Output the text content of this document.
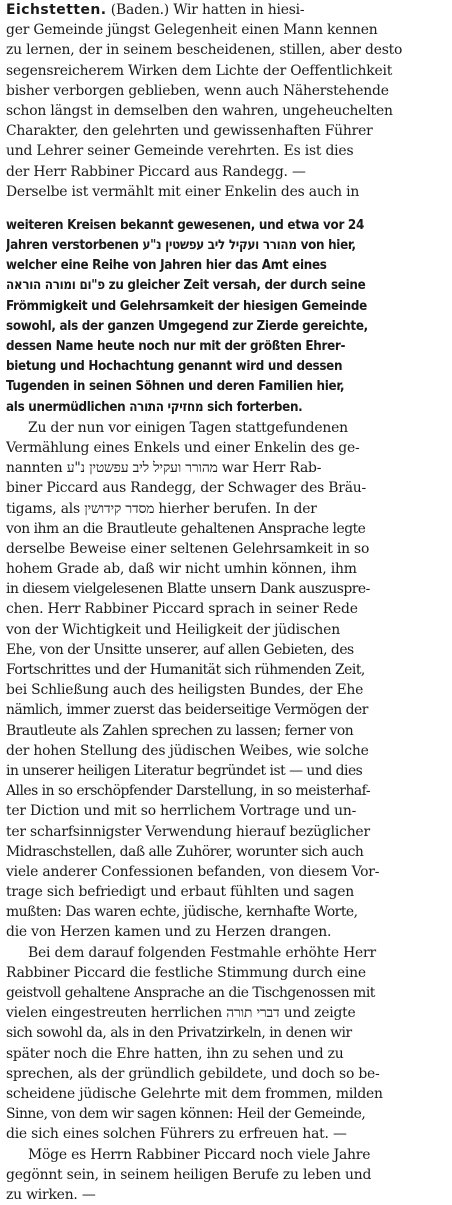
Eichstetten. (Baden.) Wir hatten in hiesi-
ger Gemeinde jüngst Gelegenheit einen Mann kennen
zu lernen, der in seinem bescheidenen, stillen, aber desto
segensreicherem Wirken dem Lichte der Oeffentlichkeit
bisher verborgen geblieben, wenn auch Näherstehende
schon längst in demselben den wahren, ungeheuchelten
Charakter, den gelehrten und gewissenhaften Führer
und Lehrer seiner Gemeinde verehrten. Es ist dies
der Herr Rabbiner Piccard aus Randegg. —
Derselbe ist vermählt mit einer Enkelin des auch in
weiteren Kreisen bekannt gewesenen, und etwa vor 24
Jahren verstorbenen מהורר ועקיל ליב עפשטין נ"ע von hier,
welcher eine Reihe von Jahren hier das Amt eines
פ"ום ומורה הוראה zu gleicher Zeit versah, der durch seine
Frömmigkeit und Gelehrsamkeit der hiesigen Gemeinde
sowohl, als der ganzen Umgegend zur Zierde gereichte,
dessen Name heute noch nur mit der größten Ehrer-
bietung und Hochachtung genannt wird und dessen
Tugenden in seinen Söhnen und deren Familien hier,
als unermüdlichen מחזיקי התורה sich forterben.
Zu der nun vor einigen Tagen stattgefundenen
Vermählung eines Enkels und einer Enkelin des ge-
nannten מהורר ועקיל ליב עפשטין נ"ע war Herr Rab-
biner Piccard aus Randegg, der Schwager des Bräu-
tigams, als מסדר קידושין hierher berufen. In der
von ihm an die Brautleute gehaltenen Ansprache legte
derselbe Beweise einer seltenen Gelehrsamkeit in so
hohem Grade ab, daß wir nicht umhin können, ihm
in diesem vielgelesenen Blatte unsern Dank auszuspre-
chen. Herr Rabbiner Piccard sprach in seiner Rede
von der Wichtigkeit und Heiligkeit der jüdischen
Ehe, von der Unsitte unserer, auf allen Gebieten, des
Fortschrittes und der Humanität sich rühmenden Zeit,
bei Schließung auch des heiligsten Bundes, der Ehe
nämlich, immer zuerst das beiderseitige Vermögen der
Brautleute als Zahlen sprechen zu lassen; ferner von
der hohen Stellung des jüdischen Weibes, wie solche
in unserer heiligen Literatur begründet ist — und dies
Alles in so erschöpfender Darstellung, in so meisterhaf-
ter Diction und mit so herrlichem Vortrage und un-
ter scharfsinnigster Verwendung hierauf bezüglicher
Midraschstellen, daß alle Zuhörer, worunter sich auch
viele anderer Confessionen befanden, von diesem Vor-
trage sich befriedigt und erbaut fühlten und sagen
mußten: Das waren echte, jüdische, kernhafte Worte,
die von Herzen kamen und zu Herzen drangen.
Bei dem darauf folgenden Festmahle erhöhte Herr
Rabbiner Piccard die festliche Stimmung durch eine
geistvoll gehaltene Ansprache an die Tischgenossen mit
vielen eingestreuten herrlichen דברי תורה und zeigte
sich sowohl da, als in den Privatzirkeln, in denen wir
später noch die Ehre hatten, ihn zu sehen und zu
sprechen, als der gründlich gebildete, und doch so be-
scheidene jüdische Gelehrte mit dem frommen, milden
Sinne, von dem wir sagen können: Heil der Gemeinde,
die sich eines solchen Führers zu erfreuen hat. —
Möge es Herrn Rabbiner Piccard noch viele Jahre
gegönnt sein, in seinem heiligen Berufe zu leben und
zu wirken. —
